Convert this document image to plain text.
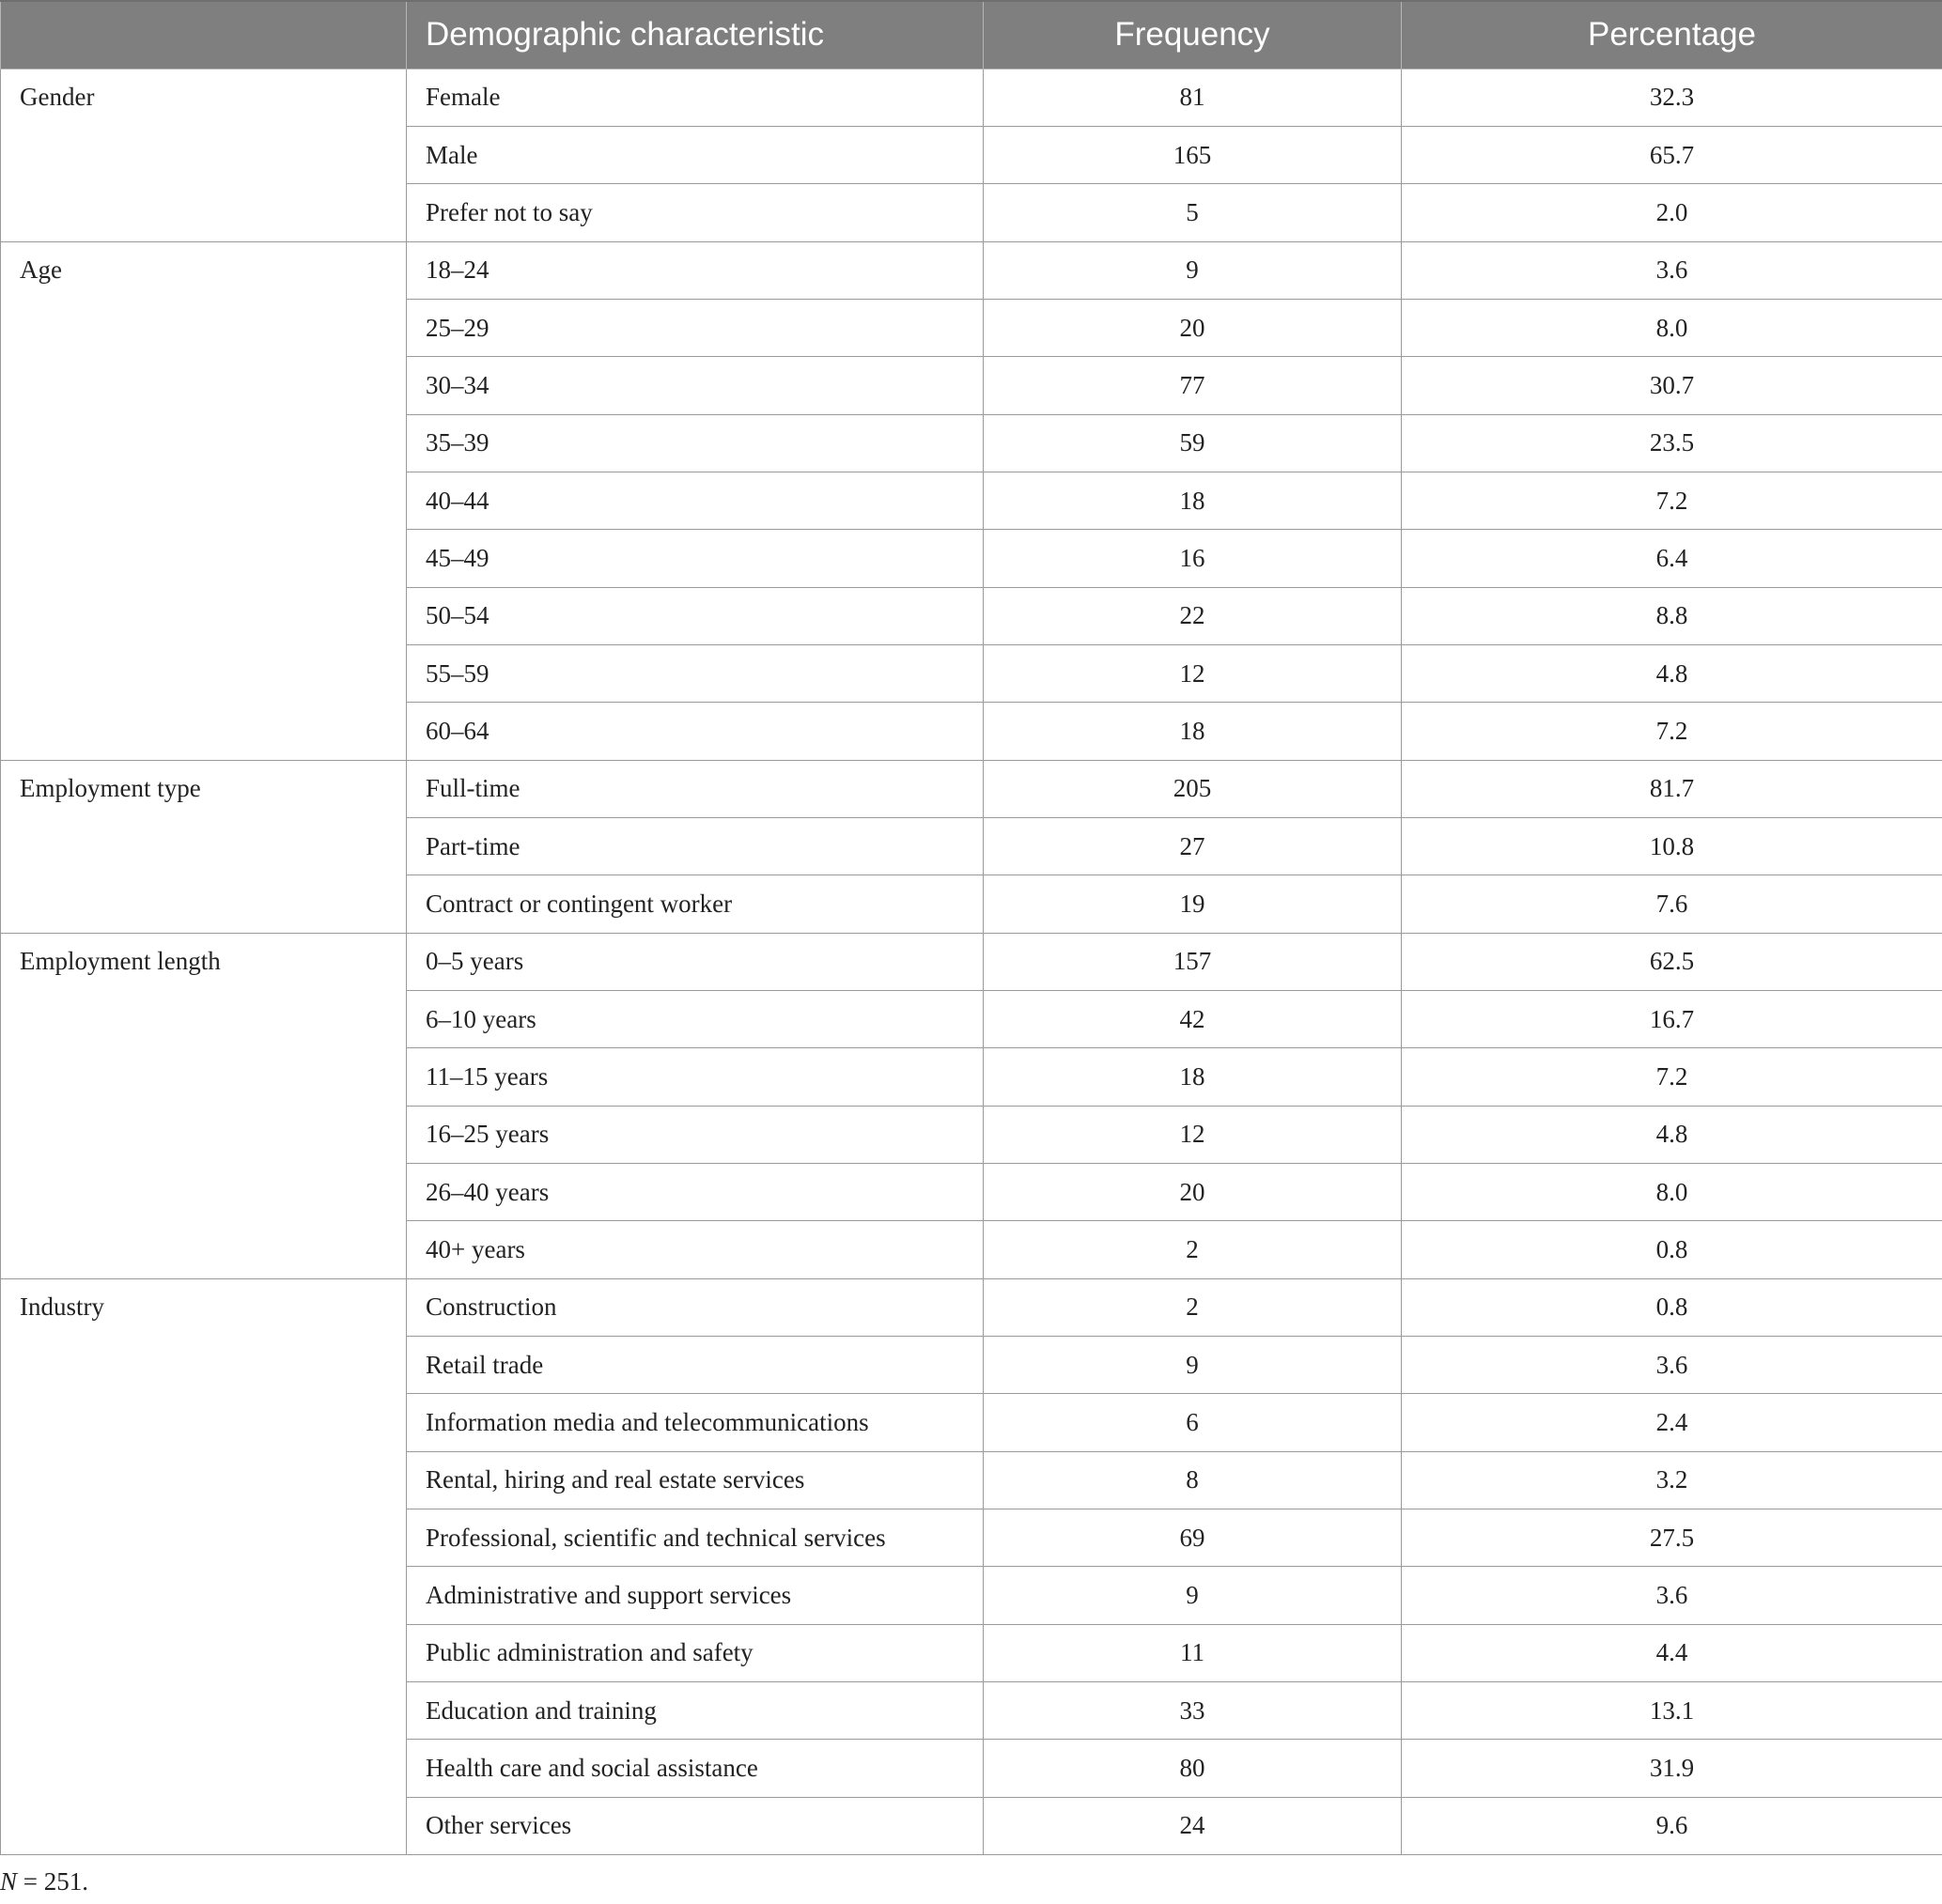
	Demographic characteristic	Frequency	Percentage
Gender	Female	81	32.3
	Male	165	65.7
	Prefer not to say	5	2.0
Age	18–24	9	3.6
	25–29	20	8.0
	30–34	77	30.7
	35–39	59	23.5
	40–44	18	7.2
	45–49	16	6.4
	50–54	22	8.8
	55–59	12	4.8
	60–64	18	7.2
Employment type	Full-time	205	81.7
	Part-time	27	10.8
	Contract or contingent worker	19	7.6
Employment length	0–5 years	157	62.5
	6–10 years	42	16.7
	11–15 years	18	7.2
	16–25 years	12	4.8
	26–40 years	20	8.0
	40+ years	2	0.8
Industry	Construction	2	0.8
	Retail trade	9	3.6
	Information media and telecommunications	6	2.4
	Rental, hiring and real estate services	8	3.2
	Professional, scientific and technical services	69	27.5
	Administrative and support services	9	3.6
	Public administration and safety	11	4.4
	Education and training	33	13.1
	Health care and social assistance	80	31.9
	Other services	24	9.6
N = 251.
